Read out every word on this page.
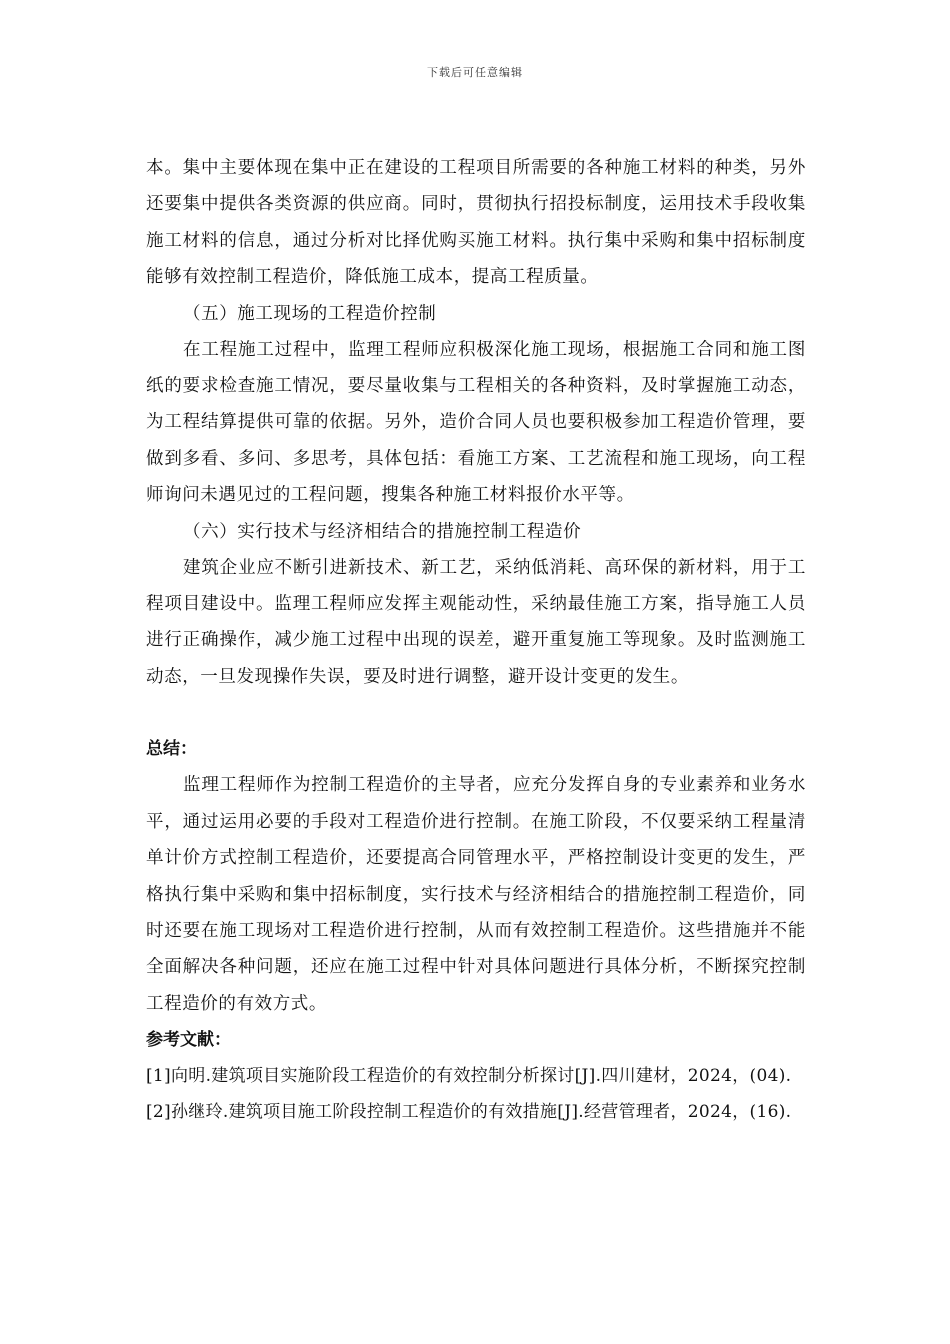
下载后可任意编辑

本。集中主要体现在集中正在建设的工程项目所需要的各种施工材料的种类，另外还要集中提供各类资源的供应商。同时，贯彻执行招投标制度，运用技术手段收集施工材料的信息，通过分析对比择优购买施工材料。执行集中采购和集中招标制度能够有效控制工程造价，降低施工成本，提高工程质量。

（五）施工现场的工程造价控制

在工程施工过程中，监理工程师应积极深化施工现场，根据施工合同和施工图纸的要求检查施工情况，要尽量收集与工程相关的各种资料，及时掌握施工动态，为工程结算提供可靠的依据。另外，造价合同人员也要积极参加工程造价管理，要做到多看、多问、多思考，具体包括：看施工方案、工艺流程和施工现场，向工程师询问未遇见过的工程问题，搜集各种施工材料报价水平等。

（六）实行技术与经济相结合的措施控制工程造价

建筑企业应不断引进新技术、新工艺，采纳低消耗、高环保的新材料，用于工程项目建设中。监理工程师应发挥主观能动性，采纳最佳施工方案，指导施工人员进行正确操作，减少施工过程中出现的误差，避开重复施工等现象。及时监测施工动态，一旦发现操作失误，要及时进行调整，避开设计变更的发生。

总结：

监理工程师作为控制工程造价的主导者，应充分发挥自身的专业素养和业务水平，通过运用必要的手段对工程造价进行控制。在施工阶段，不仅要采纳工程量清单计价方式控制工程造价，还要提高合同管理水平，严格控制设计变更的发生，严格执行集中采购和集中招标制度，实行技术与经济相结合的措施控制工程造价，同时还要在施工现场对工程造价进行控制，从而有效控制工程造价。这些措施并不能全面解决各种问题，还应在施工过程中针对具体问题进行具体分析，不断探究控制工程造价的有效方式。

参考文献：

[1]向明.建筑项目实施阶段工程造价的有效控制分析探讨[J].四川建材，2024，(04).

[2]孙继玲.建筑项目施工阶段控制工程造价的有效措施[J].经营管理者，2024，(16).
